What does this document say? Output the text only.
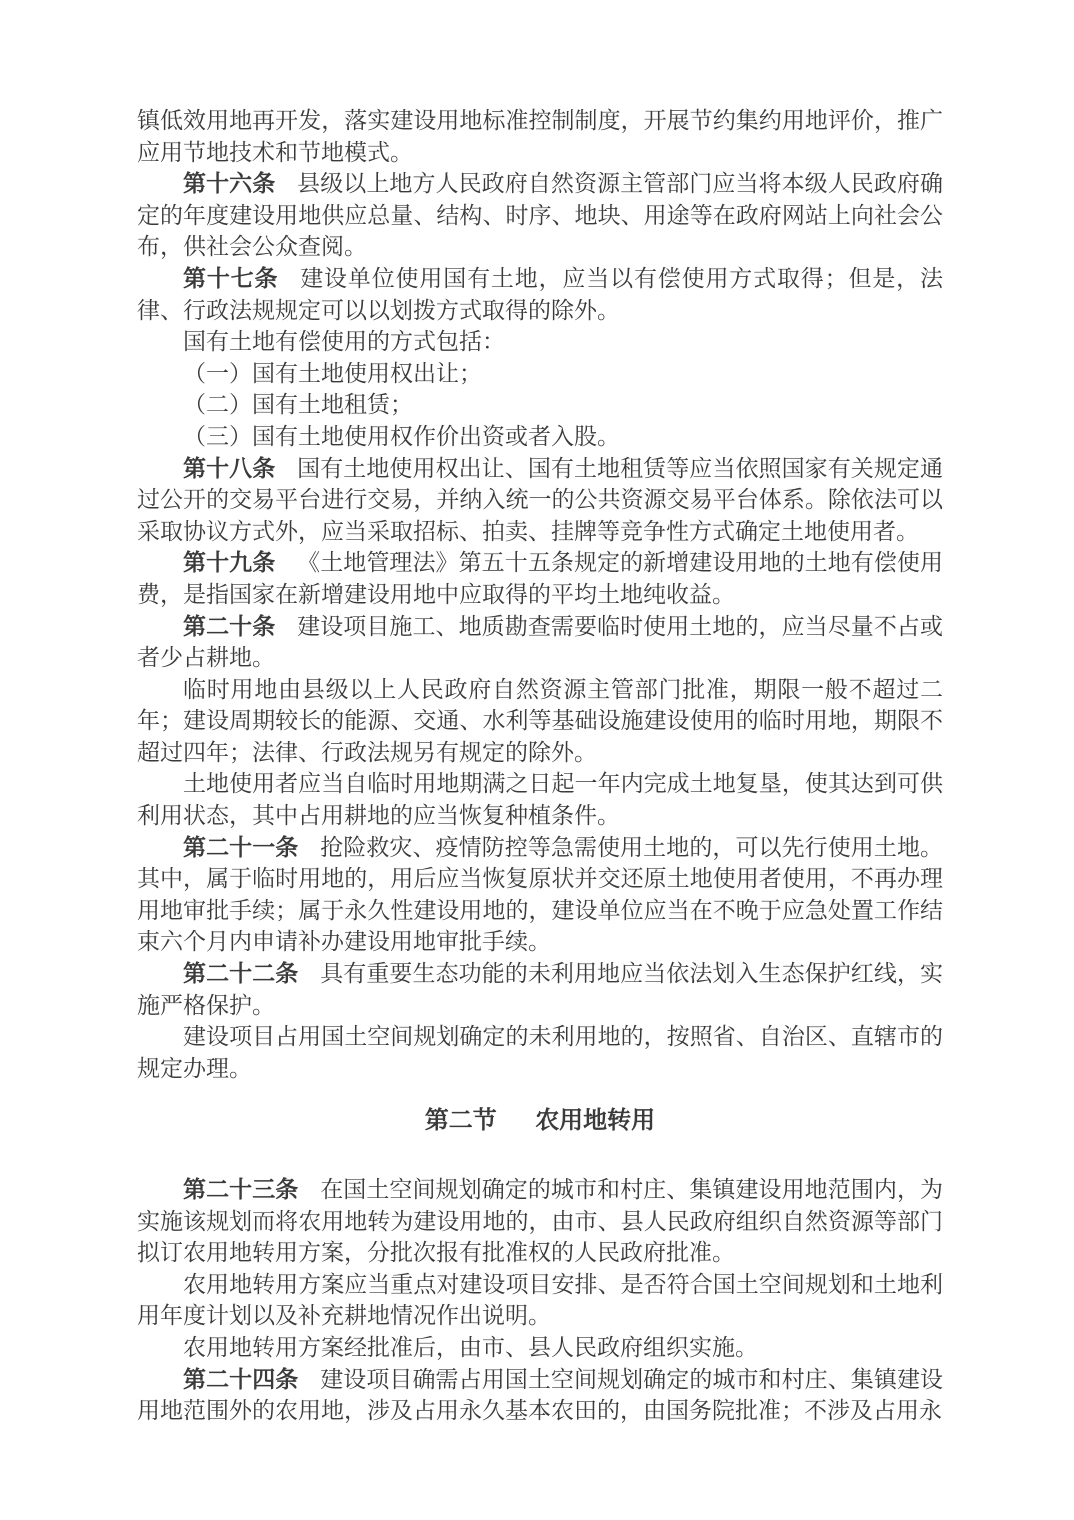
镇低效用地再开发，落实建设用地标准控制制度，开展节约集约用地评价，推广应用节地技术和节地模式。

第十六条 县级以上地方人民政府自然资源主管部门应当将本级人民政府确定的年度建设用地供应总量、结构、时序、地块、用途等在政府网站上向社会公布，供社会公众查阅。

第十七条 建设单位使用国有土地，应当以有偿使用方式取得；但是，法律、行政法规规定可以以划拨方式取得的除外。

国有土地有偿使用的方式包括：

（一）国有土地使用权出让；

（二）国有土地租赁；

（三）国有土地使用权作价出资或者入股。

第十八条 国有土地使用权出让、国有土地租赁等应当依照国家有关规定通过公开的交易平台进行交易，并纳入统一的公共资源交易平台体系。除依法可以采取协议方式外，应当采取招标、拍卖、挂牌等竞争性方式确定土地使用者。

第十九条 《土地管理法》第五十五条规定的新增建设用地的土地有偿使用费，是指国家在新增建设用地中应取得的平均土地纯收益。

第二十条 建设项目施工、地质勘查需要临时使用土地的，应当尽量不占或者少占耕地。

临时用地由县级以上人民政府自然资源主管部门批准，期限一般不超过二年；建设周期较长的能源、交通、水利等基础设施建设使用的临时用地，期限不超过四年；法律、行政法规另有规定的除外。

土地使用者应当自临时用地期满之日起一年内完成土地复垦，使其达到可供利用状态，其中占用耕地的应当恢复种植条件。

第二十一条 抢险救灾、疫情防控等急需使用土地的，可以先行使用土地。其中，属于临时用地的，用后应当恢复原状并交还原土地使用者使用，不再办理用地审批手续；属于永久性建设用地的，建设单位应当在不晚于应急处置工作结束六个月内申请补办建设用地审批手续。

第二十二条 具有重要生态功能的未利用地应当依法划入生态保护红线，实施严格保护。

建设项目占用国土空间规划确定的未利用地的，按照省、自治区、直辖市的规定办理。

第二节 农用地转用

第二十三条 在国土空间规划确定的城市和村庄、集镇建设用地范围内，为实施该规划而将农用地转为建设用地的，由市、县人民政府组织自然资源等部门拟订农用地转用方案，分批次报有批准权的人民政府批准。

农用地转用方案应当重点对建设项目安排、是否符合国土空间规划和土地利用年度计划以及补充耕地情况作出说明。

农用地转用方案经批准后，由市、县人民政府组织实施。

第二十四条 建设项目确需占用国土空间规划确定的城市和村庄、集镇建设用地范围外的农用地，涉及占用永久基本农田的，由国务院批准；不涉及占用永
